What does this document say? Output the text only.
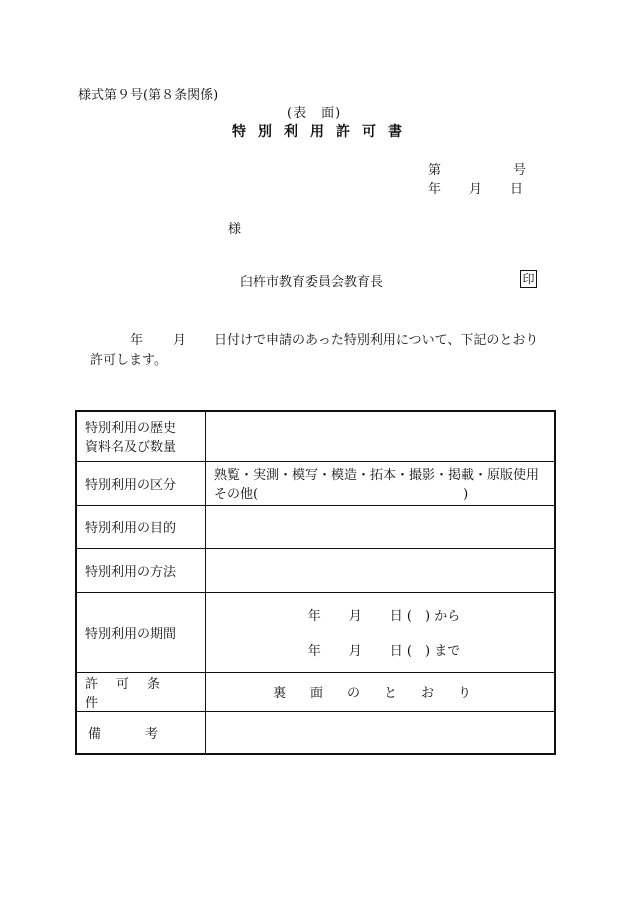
様式第９号(第８条関係)
(表　面)
特別利用許可書
第	号
年 月 日
様
臼杵市教育委員会教育長	印
年 月 日付けで申請のあった特別利用について、下記のとおり
許可します。
特別利用の歴史
資料名及び数量	

特別利用の区分	熟覧・実測・模写・模造・拓本・撮影・掲載・原版使用
その他( )

特別利用の目的	
特別利用の方法	
特別利用の期間	年 月 日 (　) から
年 月 日 (　) まで

許可条件	裏面のとおり
備考	
